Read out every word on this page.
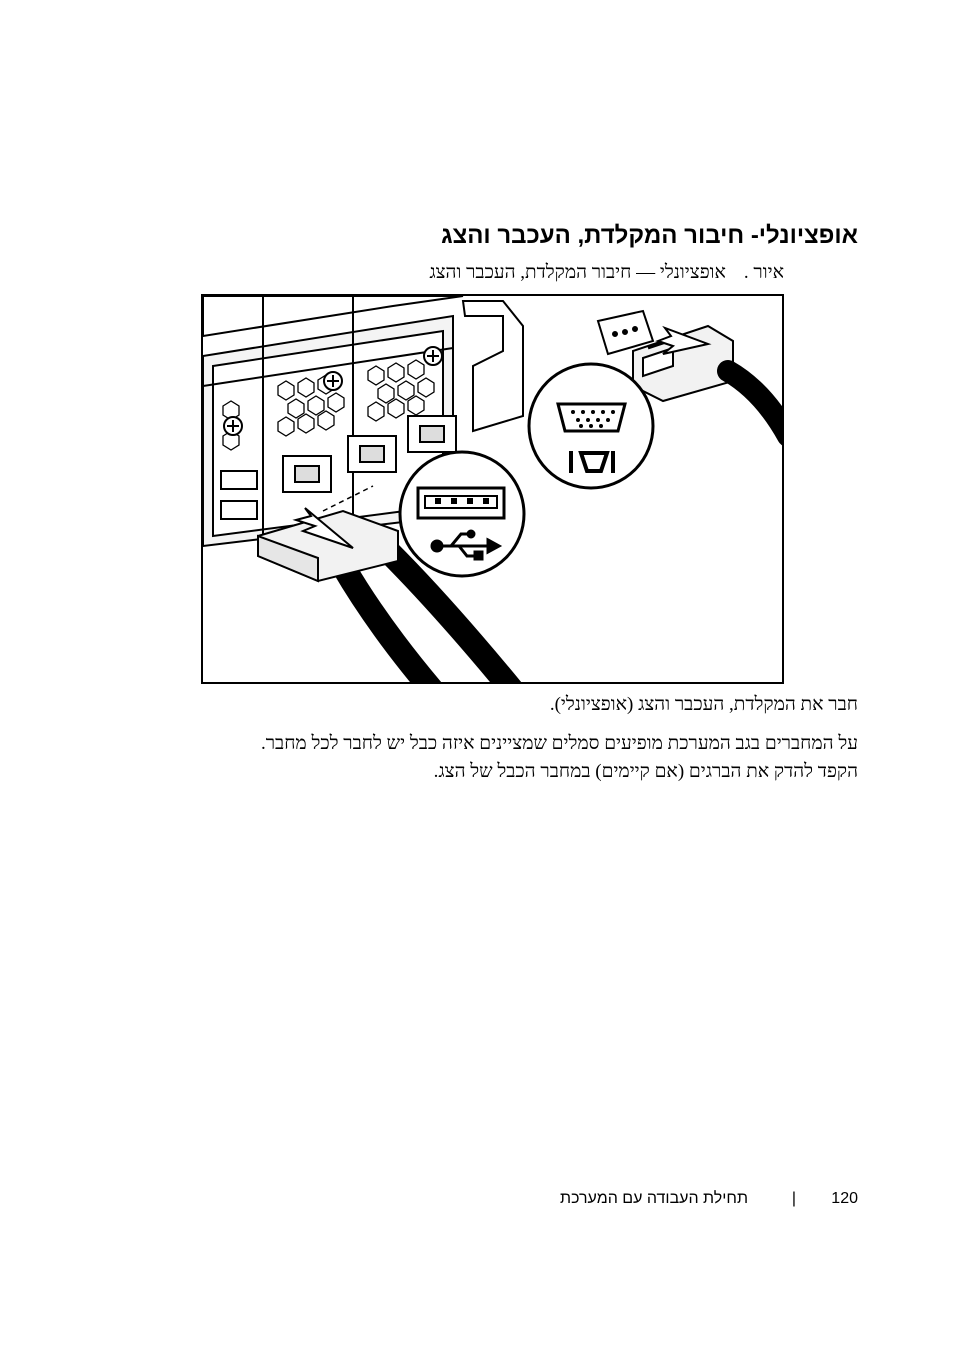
אופציונלי- חיבור המקלדת, העכבר והצג
איור .אופציונלי — חיבור המקלדת, העכבר והצג
חבר את המקלדת, העכבר והצג (אופציונלי).
על המחברים בגב המערכת מופיעים סמלים שמציינים איזה כבל יש לחבר לכל מחבר.
הקפד להדק את הברגים (אם קיימים) במחבר הכבל של הצג.
תחילת העבודה עם המערכת	| 120
